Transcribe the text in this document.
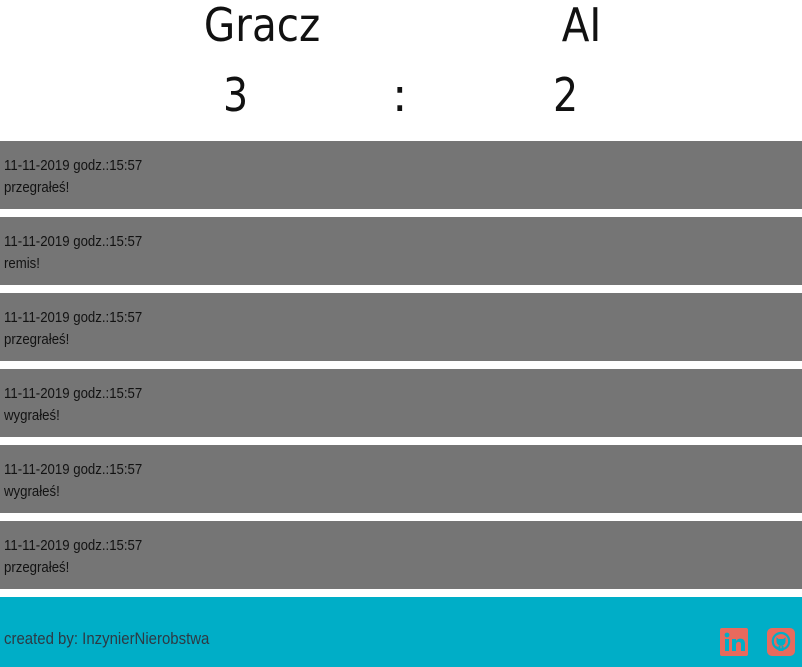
Gracz	AI
3	:	2
11-11-2019 godz.:15:57
przegrałeś!
11-11-2019 godz.:15:57
remis!
11-11-2019 godz.:15:57
przegrałeś!
11-11-2019 godz.:15:57
wygrałeś!
11-11-2019 godz.:15:57
wygrałeś!
11-11-2019 godz.:15:57
przegrałeś!
created by: InzynierNierobstwa
